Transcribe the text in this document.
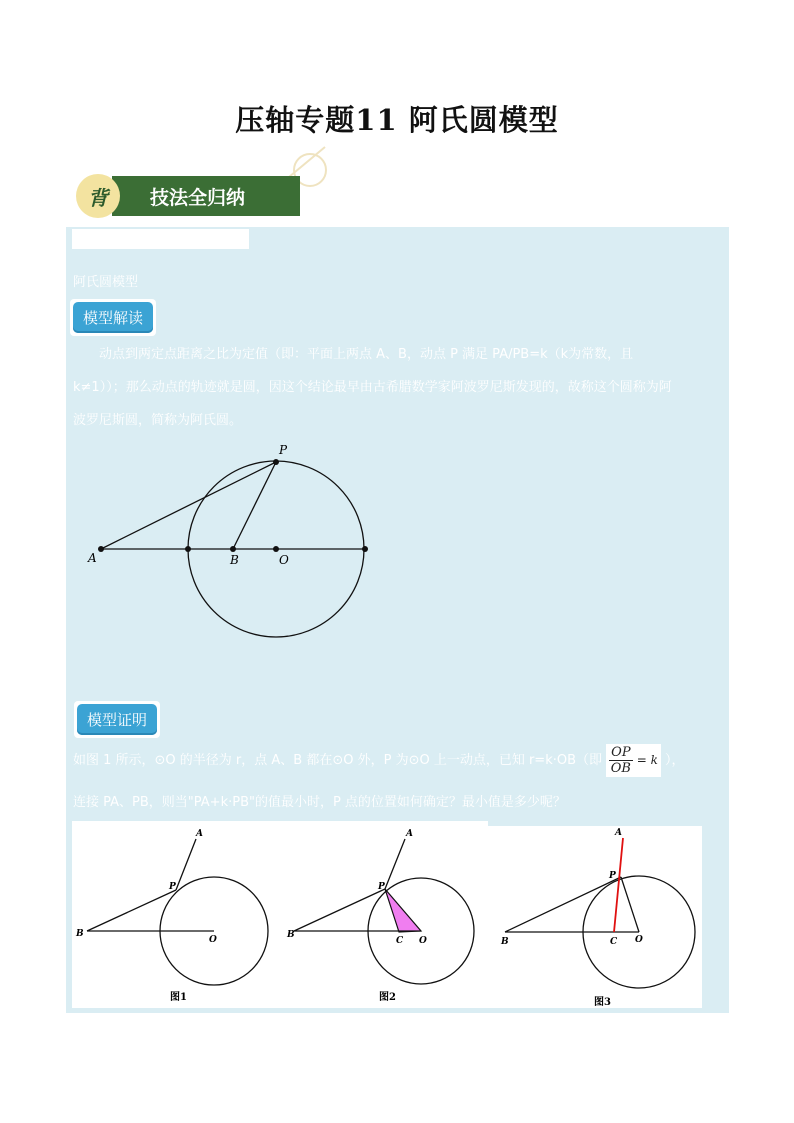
压轴专题11 阿氏圆模型
技法全归纳
背
阿氏圆模型
模型解读
动点到两定点距离之比为定值（即：平面上两点 A、B，动点 P 满足 PA/PB=k（k为常数，且
k≠1））；那么动点的轨迹就是圆，因这个结论最早由古希腊数学家阿波罗尼斯发现的，故称这个圆称为阿
波罗尼斯圆，简称为阿氏圆。
A	B	O
P
模型证明
如图 1 所示，⊙O 的半径为 r，点 A、B 都在⊙O 外，P 为⊙O 上一动点，已知 r=k·OB（即 $\frac{OP}{OB} = k$ ），
连接 PA、PB，则当"PA+k·PB"的值最小时，P 点的位置如何确定？最小值是多少呢？
A
P
B
O
图1
A
P
B
C O
图2
A
P
B	C O
图3
